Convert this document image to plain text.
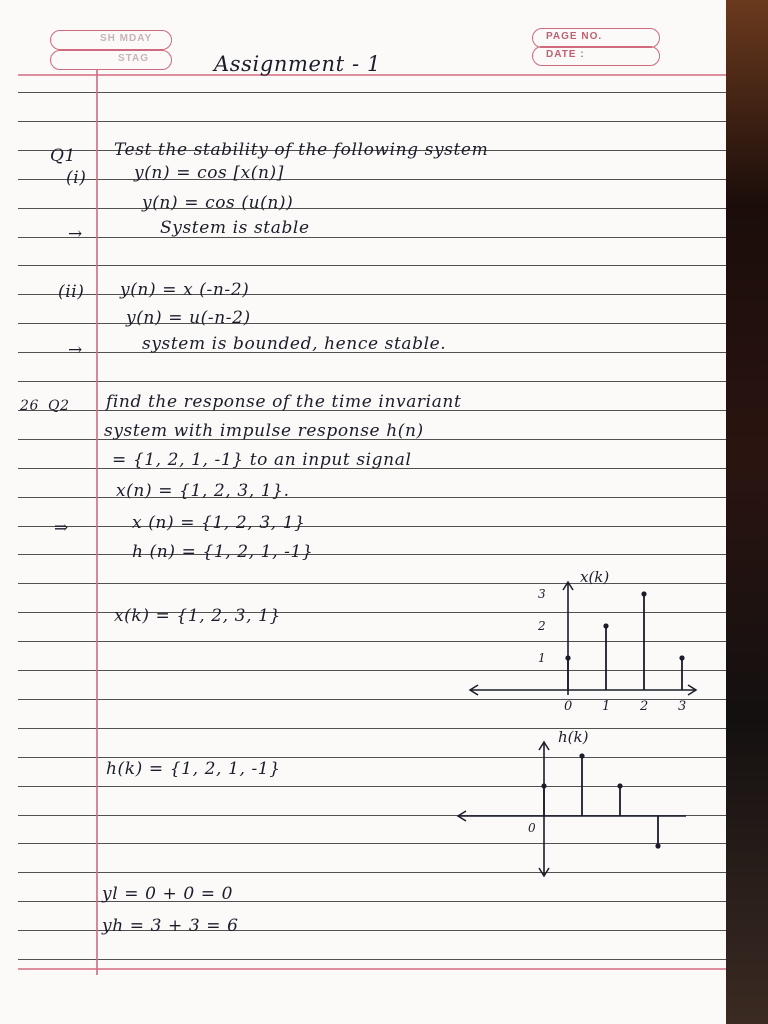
SH MDAY
STAG
PAGE NO.
DATE :
Assignment - 1
Q1 Test the stability of the following system
(i)	y(n) = cos [x(n)]
y(n) = cos (u(n))
→	System is stable
(ii) y(n) = x (-n-2)
y(n) = u(-n-2)
→	system is bounded, hence stable.
26 Q2 find the response of the time invariant
system with impulse response h(n)
= {1, 2, 1, -1} to an input signal
x(n) = {1, 2, 3, 1}.
⇒	x (n) = {1, 2, 3, 1}
h (n) = {1, 2, 1, -1}
x(k) = {1, 2, 3, 1}
h(k) = {1, 2, 1, -1}
yl = 0 + 0 = 0
yh = 3 + 3 = 6
x(k)
0 1 2 3
1
2
3
h(k)
0
